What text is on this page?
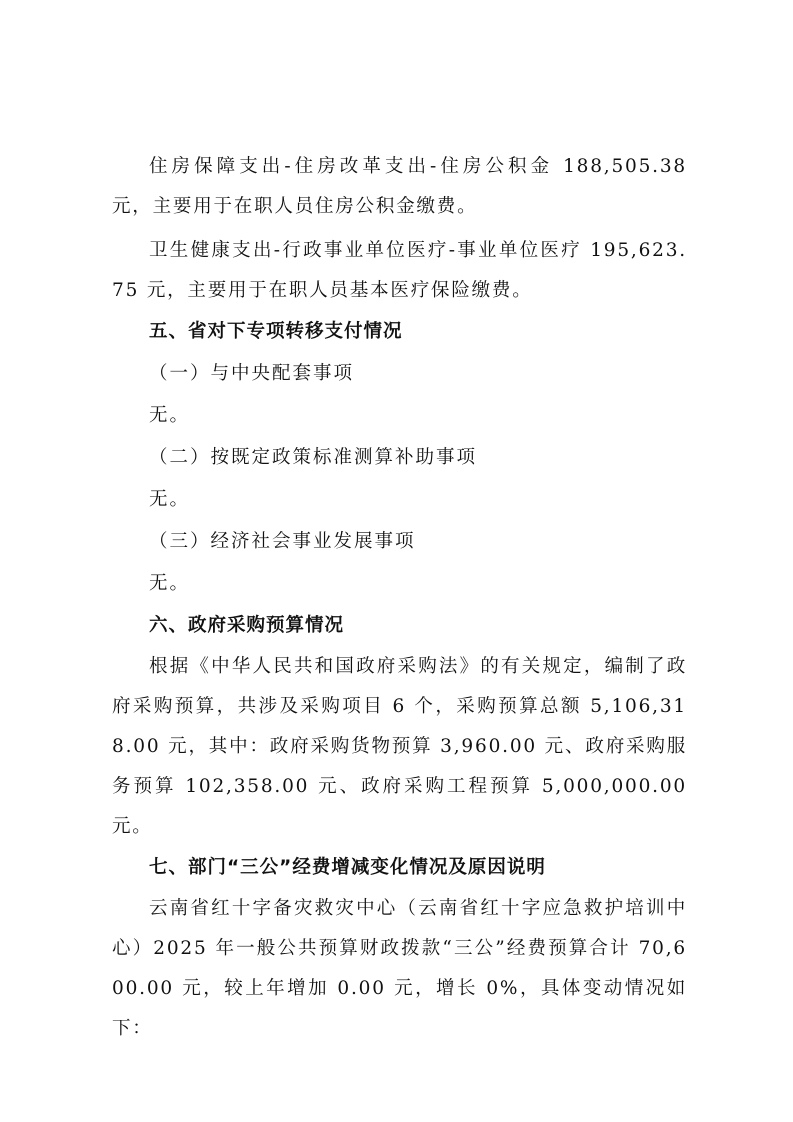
住房保障支出-住房改革支出-住房公积金 188,505.38 元，主要用于在职人员住房公积金缴费。

卫生健康支出-行政事业单位医疗-事业单位医疗 195,623.75 元，主要用于在职人员基本医疗保险缴费。

五、省对下专项转移支付情况

（一）与中央配套事项

无。

（二）按既定政策标准测算补助事项

无。

（三）经济社会事业发展事项

无。

六、政府采购预算情况

根据《中华人民共和国政府采购法》的有关规定，编制了政府采购预算，共涉及采购项目 6 个，采购预算总额 5,106,318.00 元，其中：政府采购货物预算 3,960.00 元、政府采购服务预算 102,358.00 元、政府采购工程预算 5,000,000.00 元。

七、部门“三公”经费增减变化情况及原因说明

云南省红十字备灾救灾中心（云南省红十字应急救护培训中心）2025 年一般公共预算财政拨款“三公”经费预算合计 70,600.00 元，较上年增加 0.00 元，增长 0%，具体变动情况如下：
